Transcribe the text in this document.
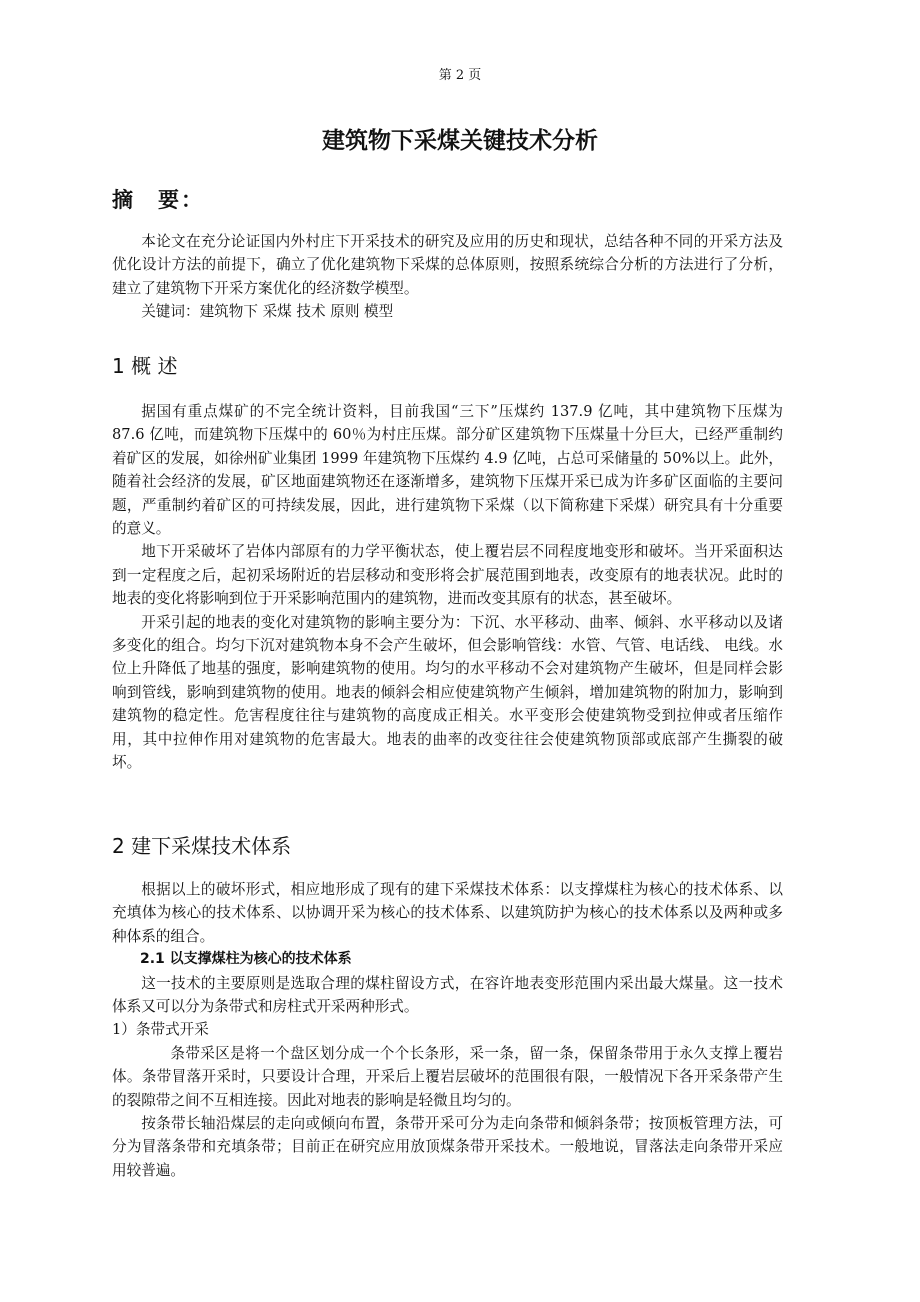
第 2 页
建筑物下采煤关键技术分析
摘　要：

本论文在充分论证国内外村庄下开采技术的研究及应用的历史和现状，总结各种不同的开采方法及优化设计方法的前提下，确立了优化建筑物下采煤的总体原则，按照系统综合分析的方法进行了分析，建立了建筑物下开采方案优化的经济数学模型。

关键词：建筑物下 采煤 技术 原则 模型

1 概 述

据国有重点煤矿的不完全统计资料，目前我国“三下”压煤约 137.9 亿吨，其中建筑物下压煤为 87.6 亿吨，而建筑物下压煤中的 60％为村庄压煤。部分矿区建筑物下压煤量十分巨大，已经严重制约着矿区的发展，如徐州矿业集团 1999 年建筑物下压煤约 4.9 亿吨，占总可采储量的 50%以上。此外，随着社会经济的发展，矿区地面建筑物还在逐渐增多，建筑物下压煤开采已成为许多矿区面临的主要问题，严重制约着矿区的可持续发展，因此，进行建筑物下采煤（以下简称建下采煤）研究具有十分重要的意义。

地下开采破坏了岩体内部原有的力学平衡状态，使上覆岩层不同程度地变形和破坏。当开采面积达到一定程度之后，起初采场附近的岩层移动和变形将会扩展范围到地表，改变原有的地表状况。此时的地表的变化将影响到位于开采影响范围内的建筑物，进而改变其原有的状态，甚至破坏。

开采引起的地表的变化对建筑物的影响主要分为：下沉、水平移动、曲率、倾斜、水平移动以及诸多变化的组合。均匀下沉对建筑物本身不会产生破坏，但会影响管线：水管、气管、电话线、 电线。水位上升降低了地基的强度，影响建筑物的使用。均匀的水平移动不会对建筑物产生破坏，但是同样会影响到管线，影响到建筑物的使用。地表的倾斜会相应使建筑物产生倾斜，增加建筑物的附加力，影响到建筑物的稳定性。危害程度往往与建筑物的高度成正相关。水平变形会使建筑物受到拉伸或者压缩作用，其中拉伸作用对建筑物的危害最大。地表的曲率的改变往往会使建筑物顶部或底部产生撕裂的破坏。

2 建下采煤技术体系

根据以上的破坏形式，相应地形成了现有的建下采煤技术体系：以支撑煤柱为核心的技术体系、以充填体为核心的技术体系、以协调开采为核心的技术体系、以建筑防护为核心的技术体系以及两种或多种体系的组合。

2.1 以支撑煤柱为核心的技术体系

这一技术的主要原则是选取合理的煤柱留设方式，在容许地表变形范围内采出最大煤量。这一技术体系又可以分为条带式和房柱式开采两种形式。

1）条带式开采

条带采区是将一个盘区划分成一个个长条形，采一条，留一条，保留条带用于永久支撑上覆岩体。条带冒落开采时，只要设计合理，开采后上覆岩层破坏的范围很有限，一般情况下各开采条带产生的裂隙带之间不互相连接。因此对地表的影响是轻微且均匀的。

按条带长轴沿煤层的走向或倾向布置，条带开采可分为走向条带和倾斜条带；按顶板管理方法，可分为冒落条带和充填条带；目前正在研究应用放顶煤条带开采技术。一般地说，冒落法走向条带开采应用较普遍。
